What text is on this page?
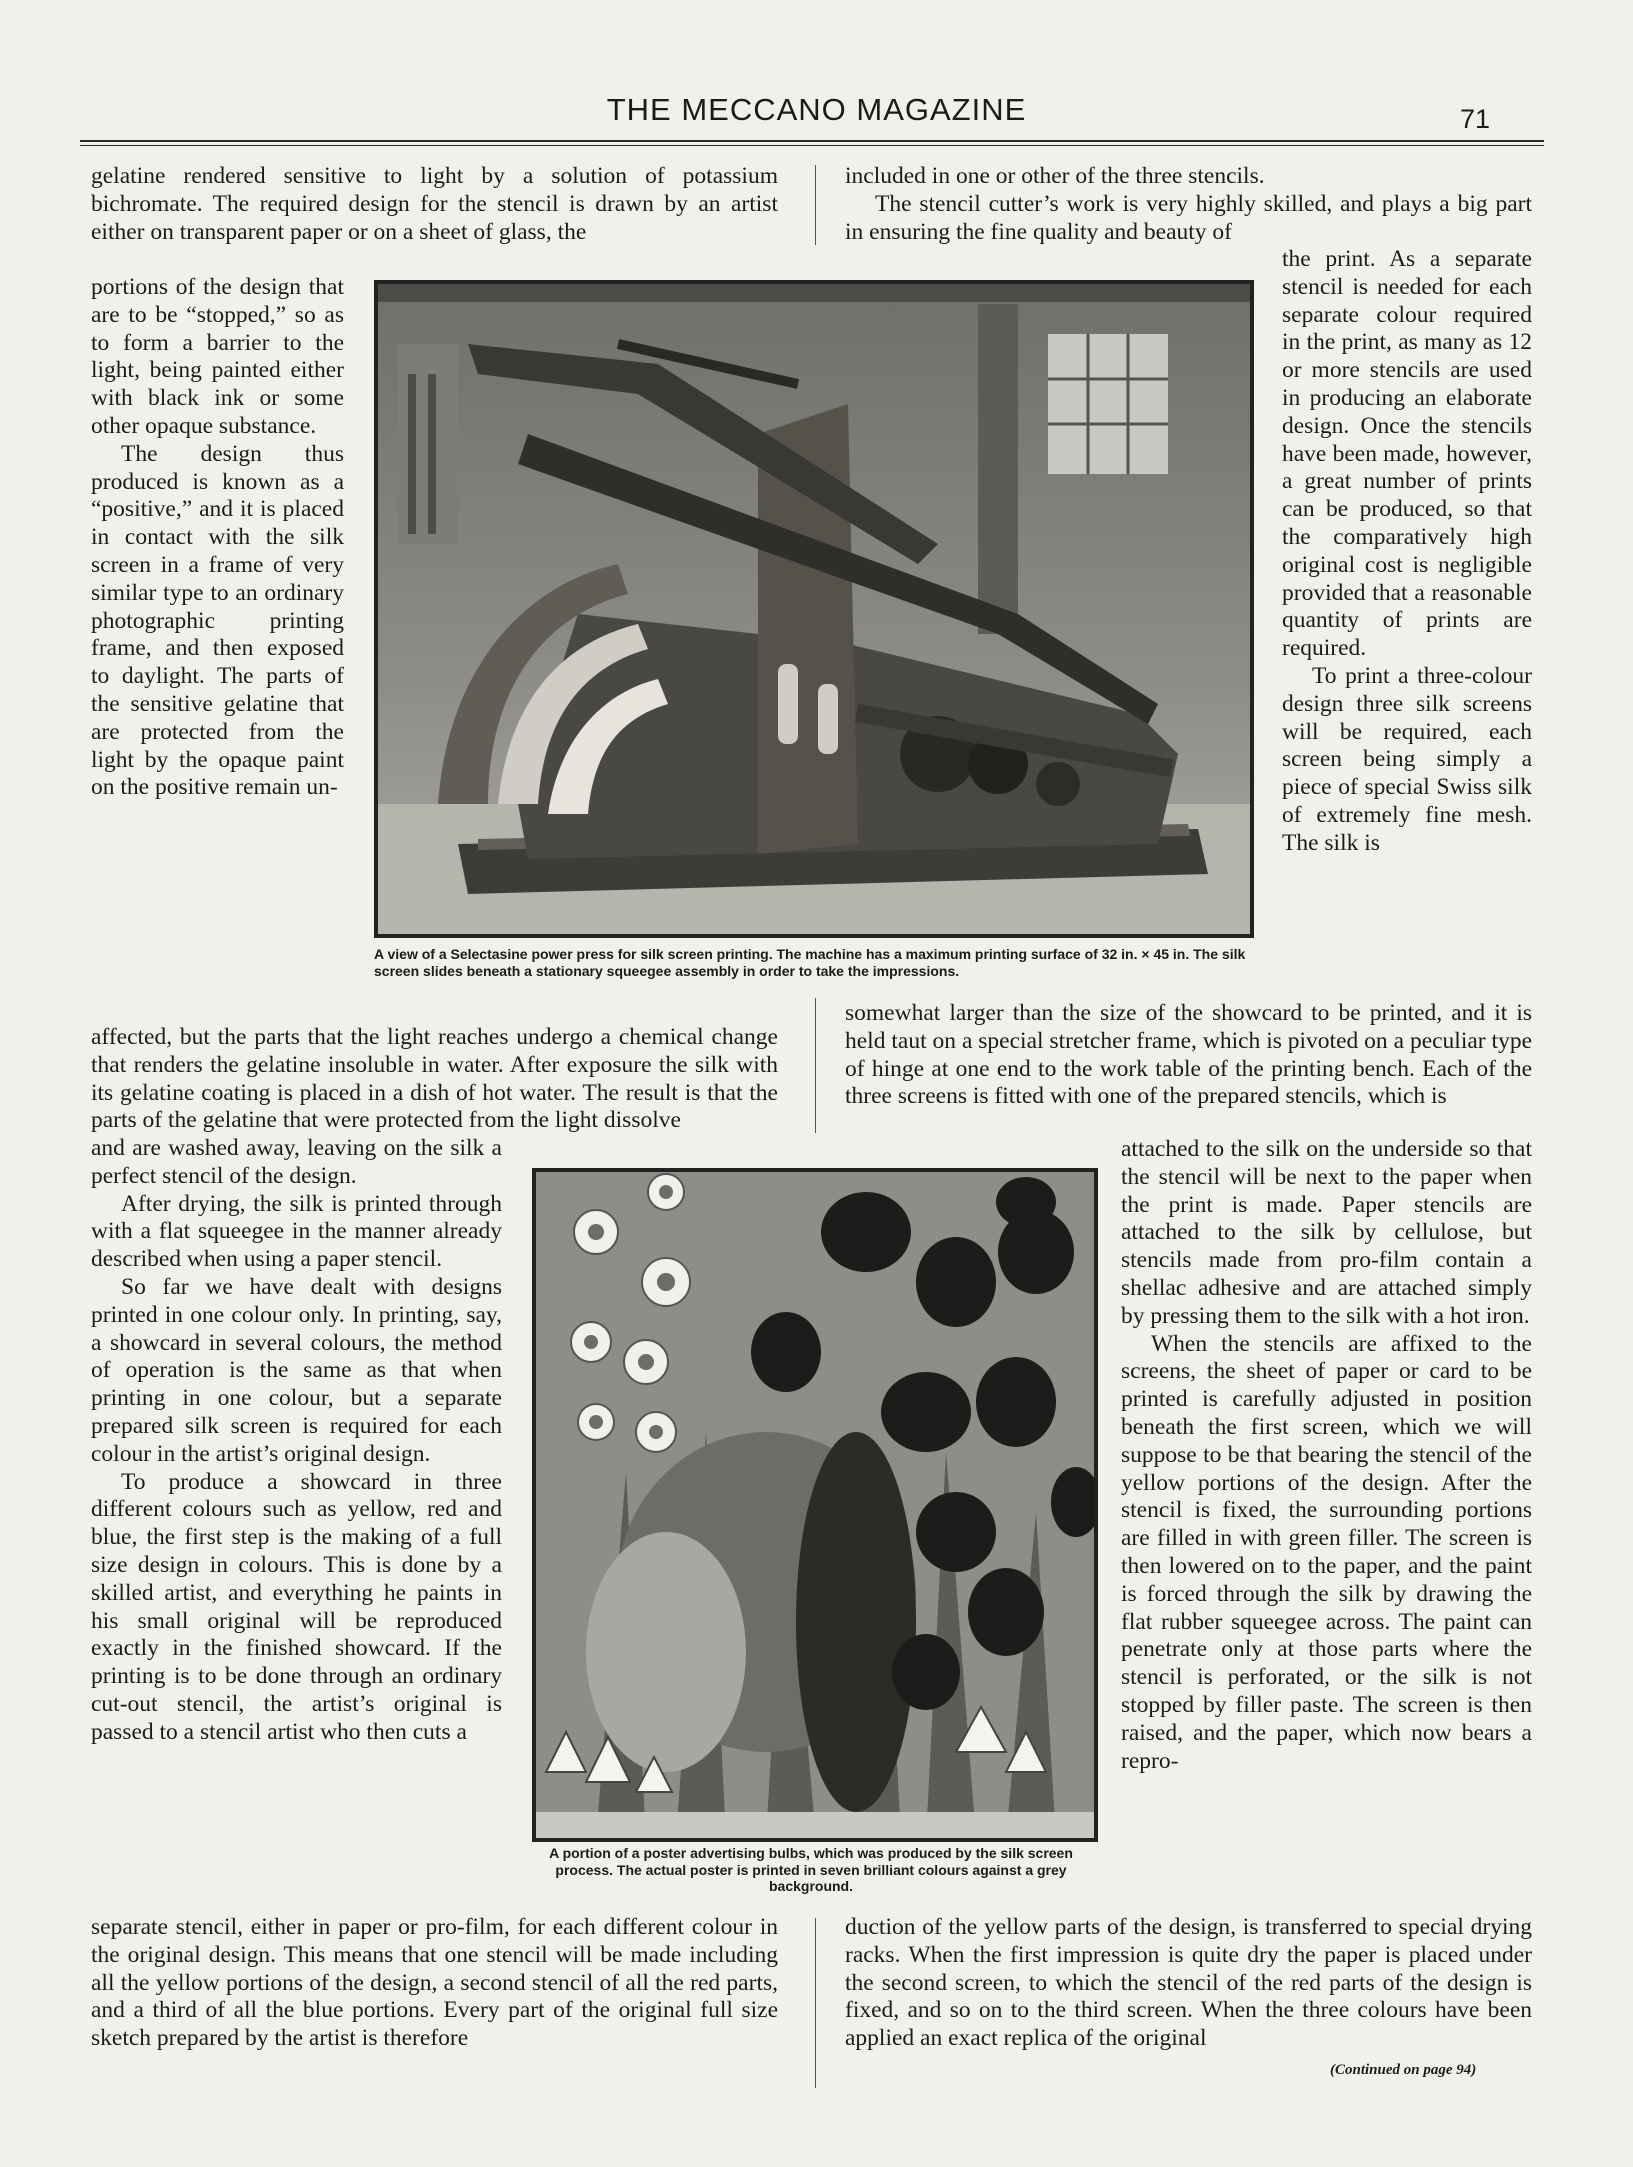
THE MECCANO MAGAZINE	71

gelatine rendered sensitive to light by a solution of potassium bichromate. The required design for the stencil is drawn by an artist either on transparent paper or on a sheet of glass, the

portions of the design that are to be “stopped,” so as to form a barrier to the light, being painted either with black ink or some other opaque substance.

The design thus produced is known as a “positive,” and it is placed in contact with the silk screen in a frame of very similar type to an ordinary photographic printing frame, and then exposed to daylight. The parts of the sensitive gelatine that are protected from the light by the opaque paint on the positive remain un-

affected, but the parts that the light reaches undergo a chemical change that renders the gelatine insoluble in water. After exposure the silk with its gelatine coating is placed in a dish of hot water. The result is that the parts of the gelatine that were protected from the light dissolve

and are washed away, leaving on the silk a perfect stencil of the design.

After drying, the silk is printed through with a flat squeegee in the manner already described when using a paper stencil.

So far we have dealt with designs printed in one colour only. In printing, say, a showcard in several colours, the method of operation is the same as that when printing in one colour, but a separate prepared silk screen is required for each colour in the artist’s original design.

To produce a showcard in three different colours such as yellow, red and blue, the first step is the making of a full size design in colours. This is done by a skilled artist, and everything he paints in his small original will be reproduced exactly in the finished showcard. If the printing is to be done through an ordinary cut-out stencil, the artist’s original is passed to a stencil artist who then cuts a

separate stencil, either in paper or pro-film, for each different colour in the original design. This means that one stencil will be made including all the yellow portions of the design, a second stencil of all the red parts, and a third of all the blue portions. Every part of the original full size sketch prepared by the artist is therefore

included in one or other of the three stencils.

The stencil cutter’s work is very highly skilled, and plays a big part in ensuring the fine quality and beauty of

the print. As a separate stencil is needed for each separate colour required in the print, as many as 12 or more stencils are used in producing an elaborate design. Once the stencils have been made, however, a great number of prints can be produced, so that the comparatively high original cost is negligible provided that a reasonable quantity of prints are required.

To print a three-colour design three silk screens will be required, each screen being simply a piece of special Swiss silk of extremely fine mesh. The silk is

somewhat larger than the size of the showcard to be printed, and it is held taut on a special stretcher frame, which is pivoted on a peculiar type of hinge at one end to the work table of the printing bench. Each of the three screens is fitted with one of the prepared stencils, which is

attached to the silk on the underside so that the stencil will be next to the paper when the print is made. Paper stencils are attached to the silk by cellulose, but stencils made from pro-film contain a shellac adhesive and are attached simply by pressing them to the silk with a hot iron.

When the stencils are affixed to the screens, the sheet of paper or card to be printed is carefully adjusted in position beneath the first screen, which we will suppose to be that bearing the stencil of the yellow portions of the design. After the stencil is fixed, the surrounding portions are filled in with green filler. The screen is then lowered on to the paper, and the paint is forced through the silk by drawing the flat rubber squeegee across. The paint can penetrate only at those parts where the stencil is perforated, or the silk is not stopped by filler paste. The screen is then raised, and the paper, which now bears a repro-

duction of the yellow parts of the design, is transferred to special drying racks. When the first impression is quite dry the paper is placed under the second screen, to which the stencil of the red parts of the design is fixed, and so on to the third screen. When the three colours have been applied an exact replica of the original

(Continued on page 94)

A view of a Selectasine power press for silk screen printing. The machine has a maximum printing surface of 32 in. × 45 in. The silk screen slides beneath a stationary squeegee assembly in order to take the impressions.

A portion of a poster advertising bulbs, which was produced by the silk screen process. The actual poster is printed in seven brilliant colours against a grey background.
